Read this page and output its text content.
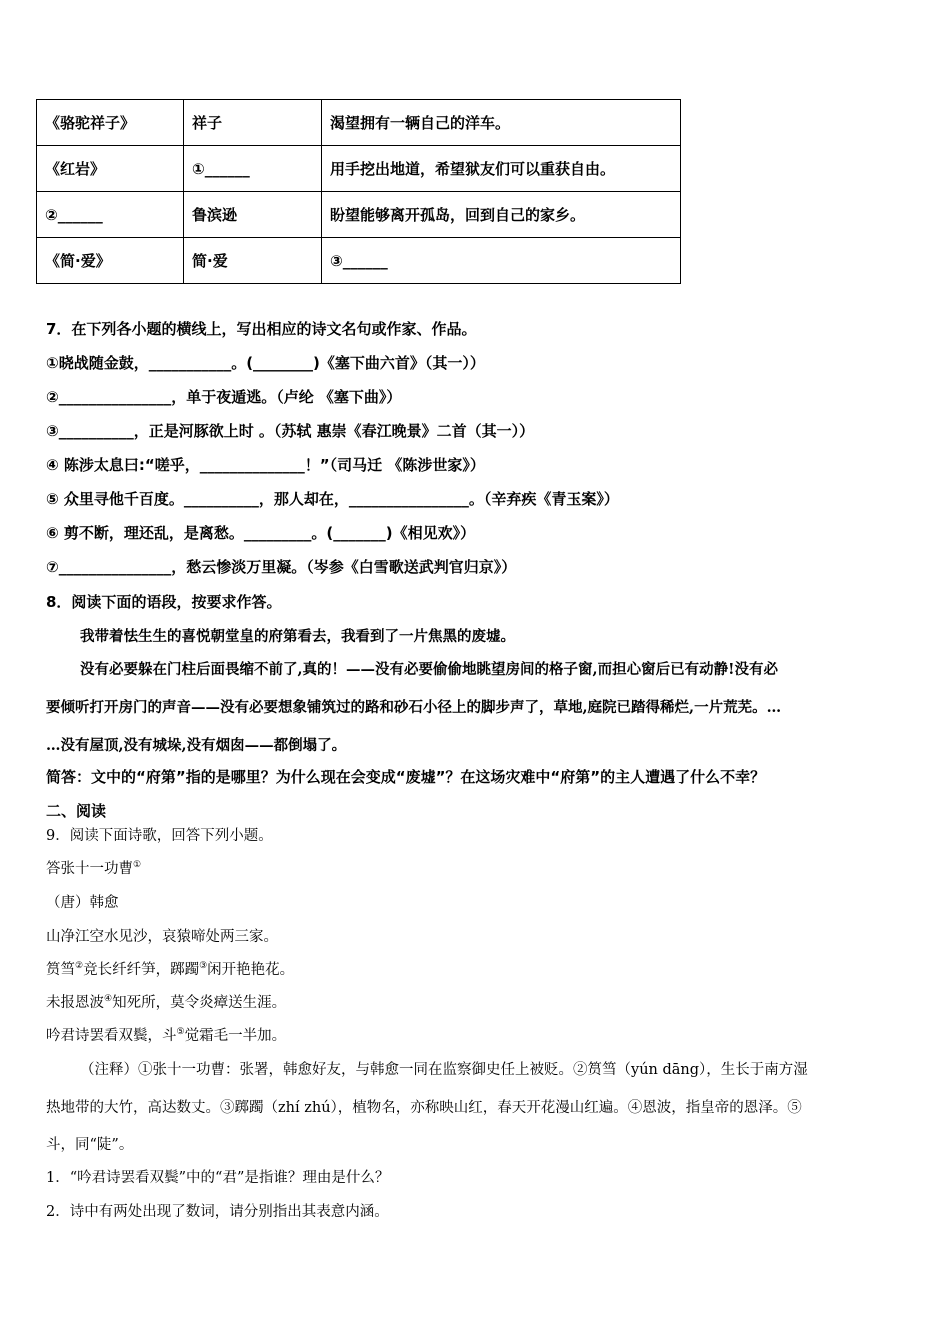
《骆驼祥子》	祥子	渴望拥有一辆自己的洋车。
《红岩》	①______	用手挖出地道，希望狱友们可以重获自由。
②______	鲁滨逊	盼望能够离开孤岛，回到自己的家乡。
《简·爱》	简·爱	③______
7．在下列各小题的横线上，写出相应的诗文名句或作家、作品。
①晓战随金鼓，___________。(________)《塞下曲六首》（其一））
②_______________，单于夜遁逃。（卢纶 《塞下曲》）
③__________，正是河豚欲上时 。（苏轼 惠崇《春江晚景》二首（其一））
④ 陈涉太息曰:“嗟乎，______________！”（司马迁 《陈涉世家》）
⑤ 众里寻他千百度。__________，那人却在，________________。（辛弃疾《青玉案》）
⑥ 剪不断，理还乱，是离愁。_________。(_______)《相见欢》）
⑦_______________，愁云惨淡万里凝。（岑参《白雪歌送武判官归京》）
8．阅读下面的语段，按要求作答。
我带着怯生生的喜悦朝堂皇的府第看去，我看到了一片焦黑的废墟。
没有必要躲在门柱后面畏缩不前了,真的！——没有必要偷偷地眺望房间的格子窗,而担心窗后已有动静!没有必
要倾听打开房门的声音——没有必要想象铺筑过的路和砂石小径上的脚步声了，草地,庭院已踏得稀烂,一片荒芜。…
…没有屋顶,没有城垛,没有烟囱——都倒塌了。
简答：文中的“府第”指的是哪里？为什么现在会变成“废墟”？在这场灾难中“府第”的主人遭遇了什么不幸？
二、阅读
9．阅读下面诗歌，回答下列小题。
答张十一功曹①
（唐）韩愈
山净江空水见沙，哀猿啼处两三家。
筼筜②竞长纤纤笋，踯躅③闲开艳艳花。
未报恩波④知死所，莫令炎瘴送生涯。
吟君诗罢看双鬓，斗⑤觉霜毛一半加。
（注释）①张十一功曹：张署，韩愈好友，与韩愈一同在监察御史任上被贬。②筼筜（yún dāng），生长于南方湿
热地带的大竹，高达数丈。③踯躅（zhí zhú），植物名，亦称映山红，春天开花漫山红遍。④恩波，指皇帝的恩泽。⑤
斗，同“陡”。
1．“吟君诗罢看双鬓”中的“君”是指谁？理由是什么？
2．诗中有两处出现了数词，请分别指出其表意内涵。
